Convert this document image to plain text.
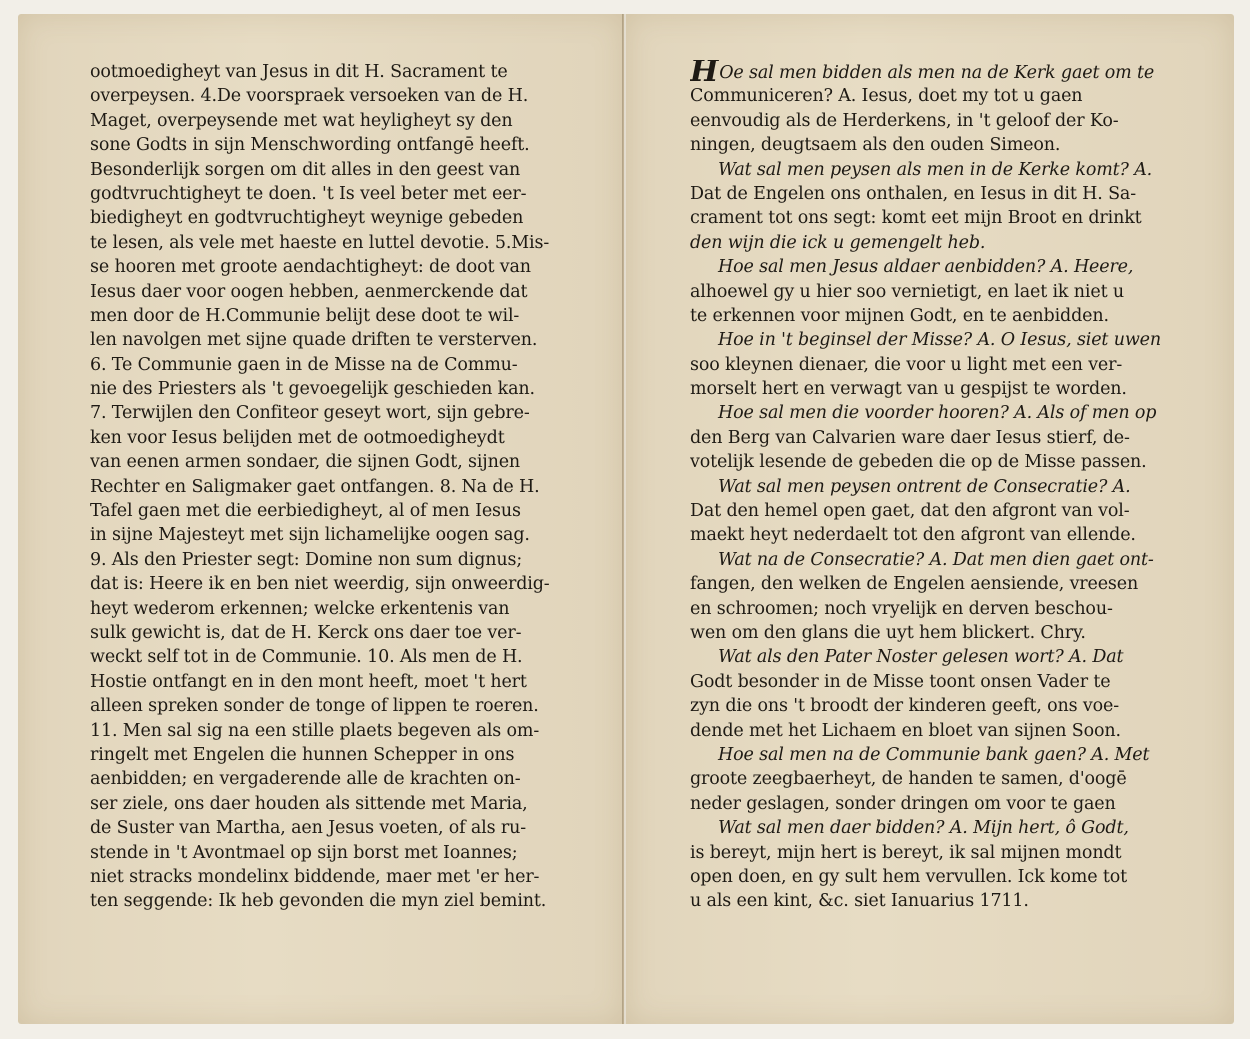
ootmoedigheyt van Jesus in dit H. Sacrament te
overpeysen. 4.De voorspraek versoeken van de H.
Maget, overpeysende met wat heyligheyt sy den
sone Godts in sijn Menschwording ontfangē heeft.
Besonderlijk sorgen om dit alles in den geest van
godtvruchtigheyt te doen. 't Is veel beter met eer-
biedigheyt en godtvruchtigheyt weynige gebeden
te lesen, als vele met haeste en luttel devotie. 5.Mis-
se hooren met groote aendachtigheyt: de doot van
Iesus daer voor oogen hebben, aenmerckende dat
men door de H.Communie belijt dese doot te wil-
len navolgen met sijne quade driften te versterven.
6. Te Communie gaen in de Misse na de Commu-
nie des Priesters als 't gevoegelijk geschieden kan.
7. Terwijlen den Confiteor geseyt wort, sijn gebre-
ken voor Iesus belijden met de ootmoedigheydt
van eenen armen sondaer, die sijnen Godt, sijnen
Rechter en Saligmaker gaet ontfangen. 8. Na de H.
Tafel gaen met die eerbiedigheyt, al of men Iesus
in sijne Majesteyt met sijn lichamelijke oogen sag.
9. Als den Priester segt: Domine non sum dignus;
dat is: Heere ik en ben niet weerdig, sijn onweerdig-
heyt wederom erkennen; welcke erkentenis van
sulk gewicht is, dat de H. Kerck ons daer toe ver-
weckt self tot in de Communie. 10. Als men de H.
Hostie ontfangt en in den mont heeft, moet 't hert
alleen spreken sonder de tonge of lippen te roeren.
11. Men sal sig na een stille plaets begeven als om-
ringelt met Engelen die hunnen Schepper in ons
aenbidden; en vergaderende alle de krachten on-
ser ziele, ons daer houden als sittende met Maria,
de Suster van Martha, aen Jesus voeten, of als ru-
stende in 't Avontmael op sijn borst met Ioannes;
niet stracks mondelinx biddende, maer met 'er her-
ten seggende: Ik heb gevonden die myn ziel bemint.
HOe sal men bidden als men na de Kerk gaet om te
Communiceren? A. Iesus, doet my tot u gaen
eenvoudig als de Herderkens, in 't geloof der Ko-
ningen, deugtsaem als den ouden Simeon.
Wat sal men peysen als men in de Kerke komt? A.
Dat de Engelen ons onthalen, en Iesus in dit H. Sa-
crament tot ons segt: komt eet mijn Broot en drinkt
den wijn die ick u gemengelt heb.
Hoe sal men Jesus aldaer aenbidden? A. Heere,
alhoewel gy u hier soo vernietigt, en laet ik niet u
te erkennen voor mijnen Godt, en te aenbidden.
Hoe in 't beginsel der Misse? A. O Iesus, siet uwen
soo kleynen dienaer, die voor u light met een ver-
morselt hert en verwagt van u gespijst te worden.
Hoe sal men die voorder hooren? A. Als of men op
den Berg van Calvarien ware daer Iesus stierf, de-
votelijk lesende de gebeden die op de Misse passen.
Wat sal men peysen ontrent de Consecratie? A.
Dat den hemel open gaet, dat den afgront van vol-
maekt heyt nederdaelt tot den afgront van ellende.
Wat na de Consecratie? A. Dat men dien gaet ont-
fangen, den welken de Engelen aensiende, vreesen
en schroomen; noch vryelijk en derven beschou-
wen om den glans die uyt hem blickert. Chry.
Wat als den Pater Noster gelesen wort? A. Dat
Godt besonder in de Misse toont onsen Vader te
zyn die ons 't broodt der kinderen geeft, ons voe-
dende met het Lichaem en bloet van sijnen Soon.
Hoe sal men na de Communie bank gaen? A. Met
groote zeegbaerheyt, de handen te samen, d'oogē
neder geslagen, sonder dringen om voor te gaen
Wat sal men daer bidden? A. Mijn hert, ô Godt,
is bereyt, mijn hert is bereyt, ik sal mijnen mondt
open doen, en gy sult hem vervullen. Ick kome tot
u als een kint, &c. siet Ianuarius 1711.
